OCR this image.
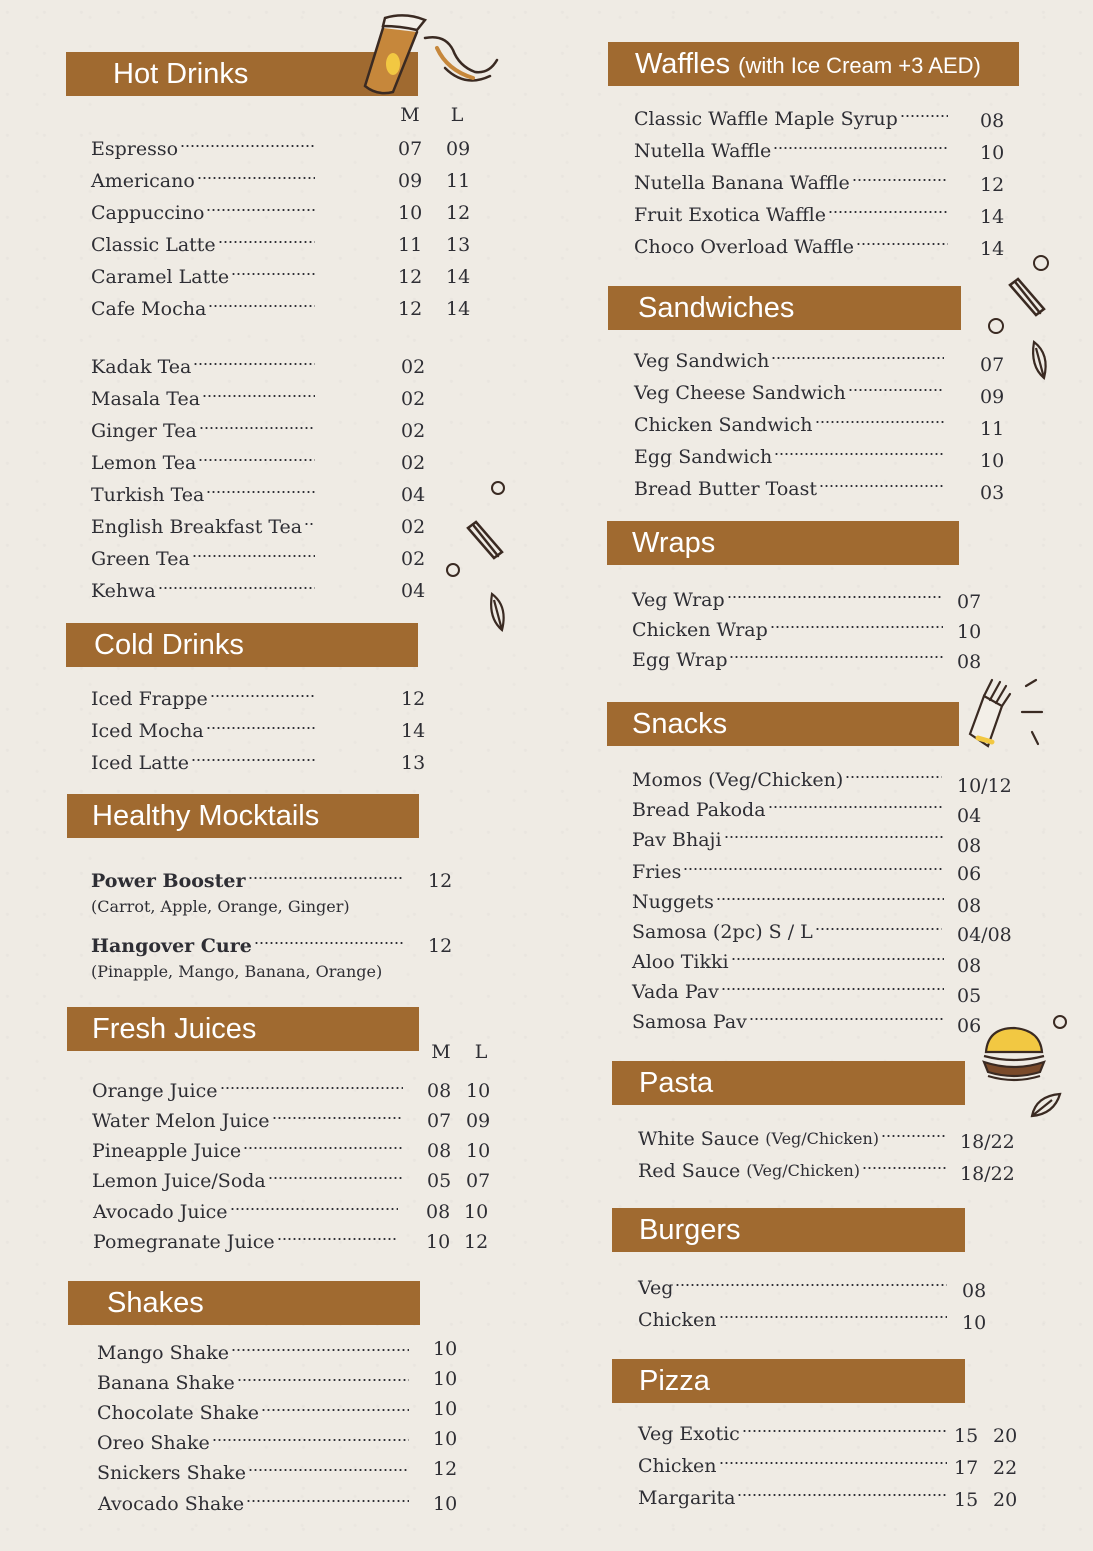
Hot Drinks
M L
Espresso	07 09
Americano	09 11
Cappuccino	10 12
Classic Latte	11 13
Caramel Latte	12 14
Cafe Mocha	12 14
Kadak Tea	02
Masala Tea	02
Ginger Tea	02
Lemon Tea	02
Turkish Tea	04
English Breakfast Tea	02
Green Tea	02
Kehwa	04
Cold Drinks
Iced Frappe	12
Iced Mocha	14
Iced Latte	13
Healthy Mocktails
Power Booster	12
(Carrot, Apple, Orange, Ginger)
Hangover Cure	12
(Pinapple, Mango, Banana, Orange)
Fresh Juices
M L
Orange Juice	08 10
Water Melon Juice	07 09
Pineapple Juice	08 10
Lemon Juice/Soda	05 07
Avocado Juice	08 10
Pomegranate Juice	10 12
Shakes
Mango Shake	10
Banana Shake	10
Chocolate Shake	10
Oreo Shake	10
Snickers Shake	12
Avocado Shake	10
Waffles (with Ice Cream +3 AED)
Classic Waffle Maple Syrup	08
Nutella Waffle	10
Nutella Banana Waffle	12
Fruit Exotica Waffle	14
Choco Overload Waffle	14
Sandwiches
Veg Sandwich	07
Veg Cheese Sandwich	09
Chicken Sandwich	11
Egg Sandwich	10
Bread Butter Toast	03
Wraps
Veg Wrap	07
Chicken Wrap	10
Egg Wrap	08
Snacks
Momos (Veg/Chicken)	10/12
Bread Pakoda	04
Pav Bhaji	08
Fries	06
Nuggets	08
Samosa (2pc) S / L	04/08
Aloo Tikki	08
Vada Pav	05
Samosa Pav	06
Pasta
White Sauce (Veg/Chicken)	18/22
Red Sauce (Veg/Chicken)	18/22
Burgers
Veg	08
Chicken	10
Pizza
Veg Exotic	15 20
Chicken	17 22
Margarita	15 20
